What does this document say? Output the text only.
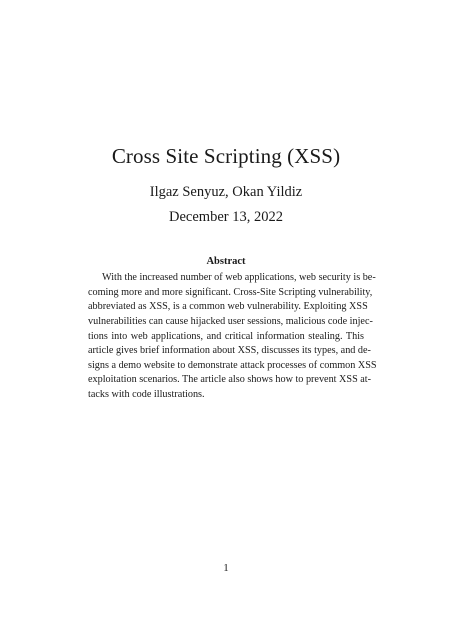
Cross Site Scripting (XSS)
Ilgaz Senyuz, Okan Yildiz
December 13, 2022
Abstract
With the increased number of web applications, web security is be-
coming more and more significant. Cross-Site Scripting vulnerability,
abbreviated as XSS, is a common web vulnerability. Exploiting XSS
vulnerabilities can cause hijacked user sessions, malicious code injec-
tions into web applications, and critical information stealing. This
article gives brief information about XSS, discusses its types, and de-
signs a demo website to demonstrate attack processes of common XSS
exploitation scenarios. The article also shows how to prevent XSS at-
tacks with code illustrations.
1
